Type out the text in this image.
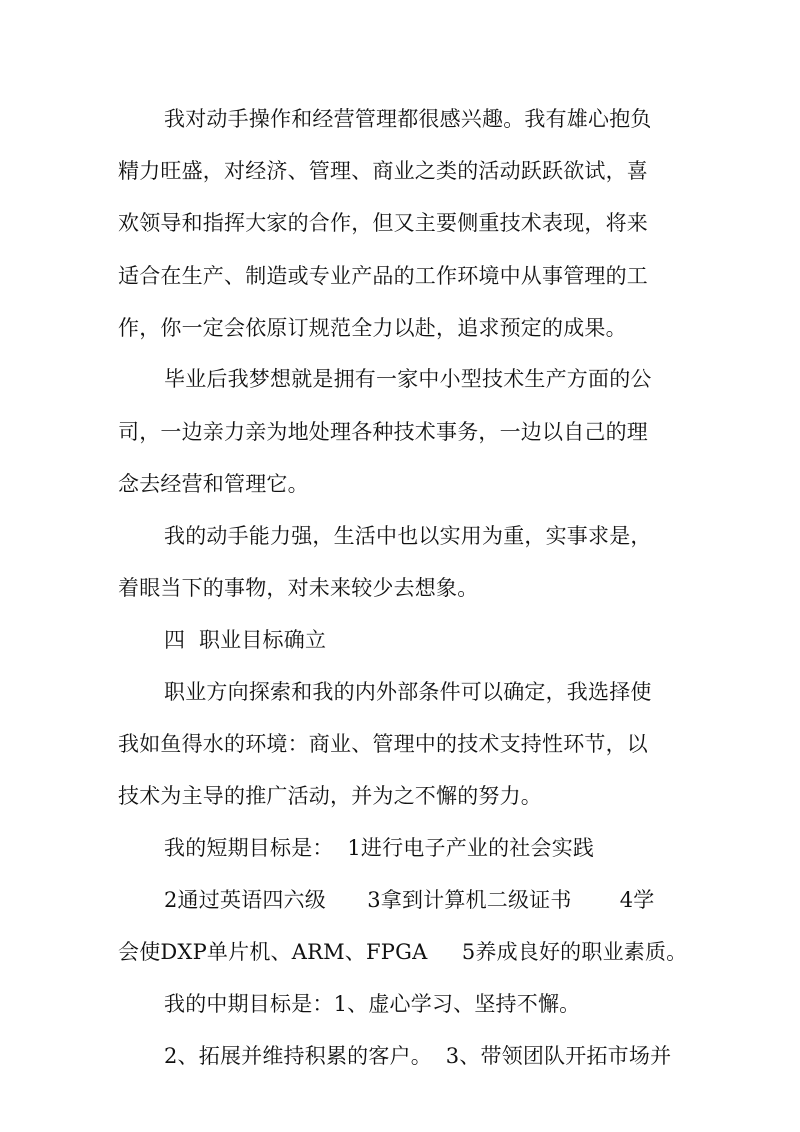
我对动手操作和经营管理都很感兴趣。我有雄心抱负
精力旺盛，对经济、管理、商业之类的活动跃跃欲试，喜
欢领导和指挥大家的合作，但又主要侧重技术表现，将来
适合在生产、制造或专业产品的工作环境中从事管理的工
作，你一定会依原订规范全力以赴，追求预定的成果。
毕业后我梦想就是拥有一家中小型技术生产方面的公
司，一边亲力亲为地处理各种技术事务，一边以自己的理
念去经营和管理它。
我的动手能力强，生活中也以实用为重，实事求是，
着眼当下的事物，对未来较少去想象。
四  职业目标确立
职业方向探索和我的内外部条件可以确定，我选择使
我如鱼得水的环境：商业、管理中的技术支持性环节，以
技术为主导的推广活动，并为之不懈的努力。
我的短期目标是：  1进行电子产业的社会实践
2通过英语四六级      3拿到计算机二级证书       4学
会使DXP单片机、ARM、FPGA     5养成良好的职业素质。
我的中期目标是：1、虚心学习、坚持不懈。
2、拓展并维持积累的客户。  3、带领团队开拓市场并
